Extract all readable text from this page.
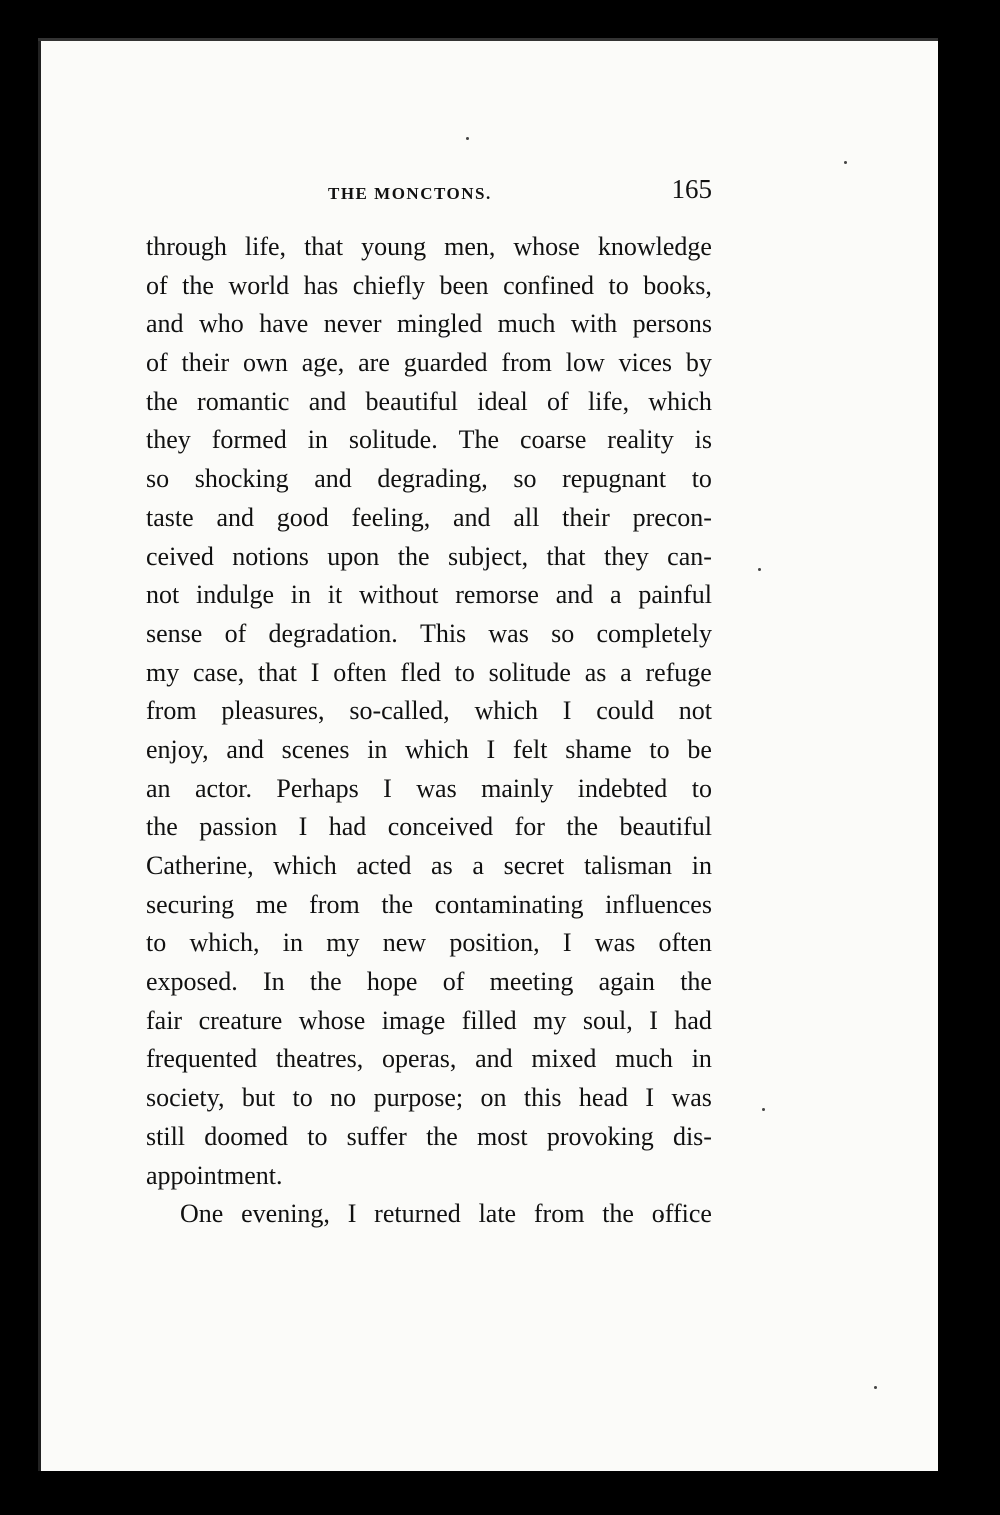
THE MONCTONS.	165
through life, that young men, whose knowledge
of the world has chiefly been confined to books,
and who have never mingled much with persons
of their own age, are guarded from low vices by
the romantic and beautiful ideal of life, which
they formed in solitude. The coarse reality is
so shocking and degrading, so repugnant to
taste and good feeling, and all their precon-
ceived notions upon the subject, that they can-
not indulge in it without remorse and a painful
sense of degradation. This was so completely
my case, that I often fled to solitude as a refuge
from pleasures, so-called, which I could not
enjoy, and scenes in which I felt shame to be
an actor. Perhaps I was mainly indebted to
the passion I had conceived for the beautiful
Catherine, which acted as a secret talisman in
securing me from the contaminating influences
to which, in my new position, I was often
exposed. In the hope of meeting again the
fair creature whose image filled my soul, I had
frequented theatres, operas, and mixed much in
society, but to no purpose; on this head I was
still doomed to suffer the most provoking dis-
appointment.
One evening, I returned late from the office
